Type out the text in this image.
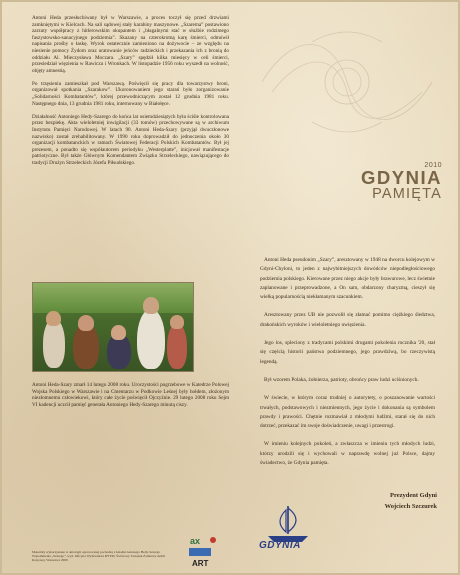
Antoni Heda przesłuchiwany był w Warszawie, a proces toczył się przed drzwiami zamkniętymi w Kielcach. Na sali sądowej stały karabiny maszynowe. „Szarema” postawiono zarzuty współpracy z hitlerowskim okupantem i „błagalnymi stać w służbie rodzimego faszystowsko-sanacyjnego podziemia”. Skazany na czterokrotną karę śmierci, odmówił napisania prośby o łaskę. Wyrok ostatecznie zamieniono na dożywocie – ze względu na niesienie pomocy Żydom oraz uratowanie jeńców radzieckich i przekazania ich z bronią do oddziału Al. Mieczysława Moczara. „Szary” spędził kilka miesięcy w celi śmierci, przesiedział więzienia w Rawiczu i Wronkach. W listopadzie 1956 roku wyszedł na wolność, objęty amnestią.

Po trzęsieniu zamieszkał pod Warszawą. Poświęcił się pracy dla towarzystwy broni, organizował spotkania „Szarakow”. Ukoronowaniem jego starań było zorganizowanie „Solidarności Kombatantów”, której przewodniczącym został 12 grudnia 1981 roku. Następnego dnia, 13 grudnia 1981 roku, internowany w Białołęce.

Działalność Antoniego Hedy-Szarego do końca lat osiemdziesiątych była ściśle kontrolowana przez bezpiekę. Akta wieloletniej inwigilacji (33 tomów) przechowywane są w archiwum Instytutu Pamięci Narodowej. W latach 90. Antoni Heda-Szary (przyjął dwuczłonowe nazwisko) został zrehabilitowany. W 1990 roku doprowadził do jednoczenia około 30 organizacji kombatanckich w ramach Światowej Federacji Polskich Kombatantów. Był jej prezesem, a ponadto się współautorem periodyku „Westerplatte”, inicjował manifestacje patriotyczne. Był także Głównym Komendantem Związku Strzeleckiego, nawiązującego do tradycji Drużyn Strzeleckich Józefa Piłsudskiego.

Antoni Heda-Szary zmarł 14 lutego 2008 roku. Uroczystości pogrzebowe w Katedrze Polowej Wojska Polskiego w Warszawie i na Cmentarzu w Podkowie Leśnej były hołdem, złożonym niezłomnemu człowiekowi, który całe życie poświęcił Ojczyźnie. 29 lutego 2008 roku Sejm VI kadencji uczcił pamięć generała Antoniego Hedy-Szarego minutą ciszy.

Materiały wykorzystane w antologii opracowanej pochodzą z książki Antonego Hedy-Szarego Wspomnienia „Szarego”, wyd. Oficyna Wydawnicza RYTM, Światowy Związek Żołnierzy Armii Krajowej, Warszawa 2009
ax
ART
2010
GDYNIA
PAMIĘTA

Antoni Heda pseudonim „Szary”, aresztowany w 1948 na dworcu kolejowym w Gdyni-Chyloni, to jeden z najwybitniejszych dowódców niepodległościowego podziemia polskiego. Kierowane przez niego akcje były brawurowe, lecz świetnie zaplanowane i przeprowadzone, a On sam, obdarzony charyzmą, cieszył się wielką popularnością niekłamanym szacunkiem.

Aresztowany przez UB nie pozwolił się złamać pomimo ciężkiego śledztwa, drakońskich wyroków i wieloletniego uwięzienia.

Jego los, spleciony z tradycami polskimi drugami pokolenia rocznika '20, stał się częścią historii państwa podziemnego, jego prawdziwą, bo rzeczywistą legendą.

Był wzorem Polaka, żołnierza, patrioty, obrońcy praw ludzi uciśnionych.

W świecie, w którym coraz trudniej o autorytety, o poszanowanie wartości trwałych, podstawowych i niezmiennych, jego życie i dokonania są symbolem prawdy i prawości. Chętnie rozmawiał z młodymi ludźmi, starał się do nich dotrzeć, przekazać im swoje doświadczenie, uwagi i przestrogi.

W imieniu kolejnych pokoleń, a zwłaszcza w imieniu tych młodych ludzi, którzy urodzili się i wychowali w naprawdę wolnej już Polsce, dajmy świadectwo, że Gdynia pamięta.

Prezydent Gdyni
Wojciech Szczurek
GDYNIA
